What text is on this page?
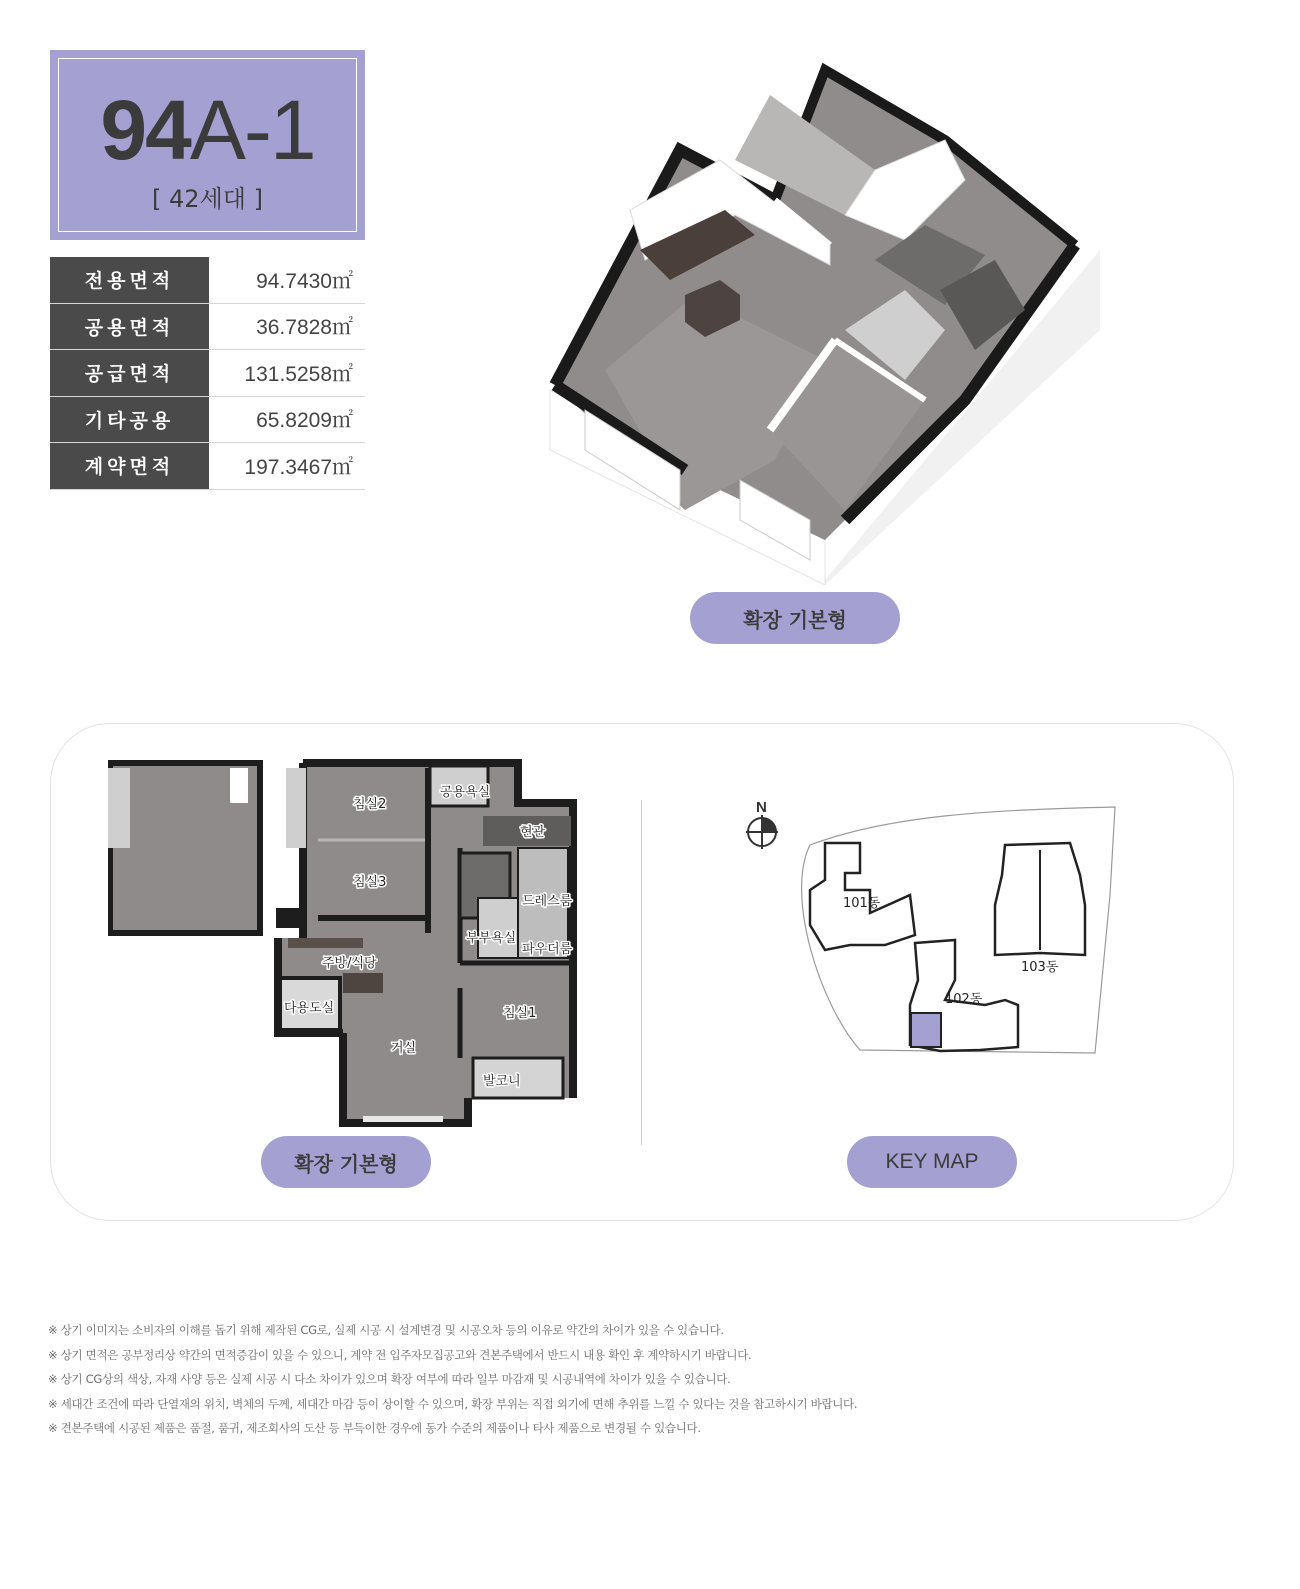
94A-1
[ 42세대 ]
전용면적	94.7430㎡
공용면적	36.7828㎡
공급면적	131.5258㎡
기타공용	65.8209㎡
계약면적	197.3467㎡
확장 기본형
침실2
공용욕실
현관
침실3
드레스룸
부부욕실
파우더룸
주방/식당
다용도실	침실1
거실
발코니
확장 기본형
N
101동
102동
103동
KEY MAP
※ 상기 이미지는 소비자의 이해를 돕기 위해 제작된 CG로, 실제 시공 시 설계변경 및 시공오차 등의 이유로 약간의 차이가 있을 수 있습니다.
※ 상기 면적은 공부정리상 약간의 면적증감이 있을 수 있으니, 계약 전 입주자모집공고와 견본주택에서 반드시 내용 확인 후 계약하시기 바랍니다.
※ 상기 CG상의 색상, 자재 사양 등은 실제 시공 시 다소 차이가 있으며 확장 여부에 따라 일부 마감재 및 시공내역에 차이가 있을 수 있습니다.
※ 세대간 조건에 따라 단열재의 위치, 벽체의 두께, 세대간 마감 등이 상이할 수 있으며, 확장 부위는 직접 외기에 면해 추위를 느낄 수 있다는 것을 참고하시기 바랍니다.
※ 견본주택에 시공된 제품은 품절, 품귀, 제조회사의 도산 등 부득이한 경우에 동가 수준의 제품이나 타사 제품으로 변경될 수 있습니다.
